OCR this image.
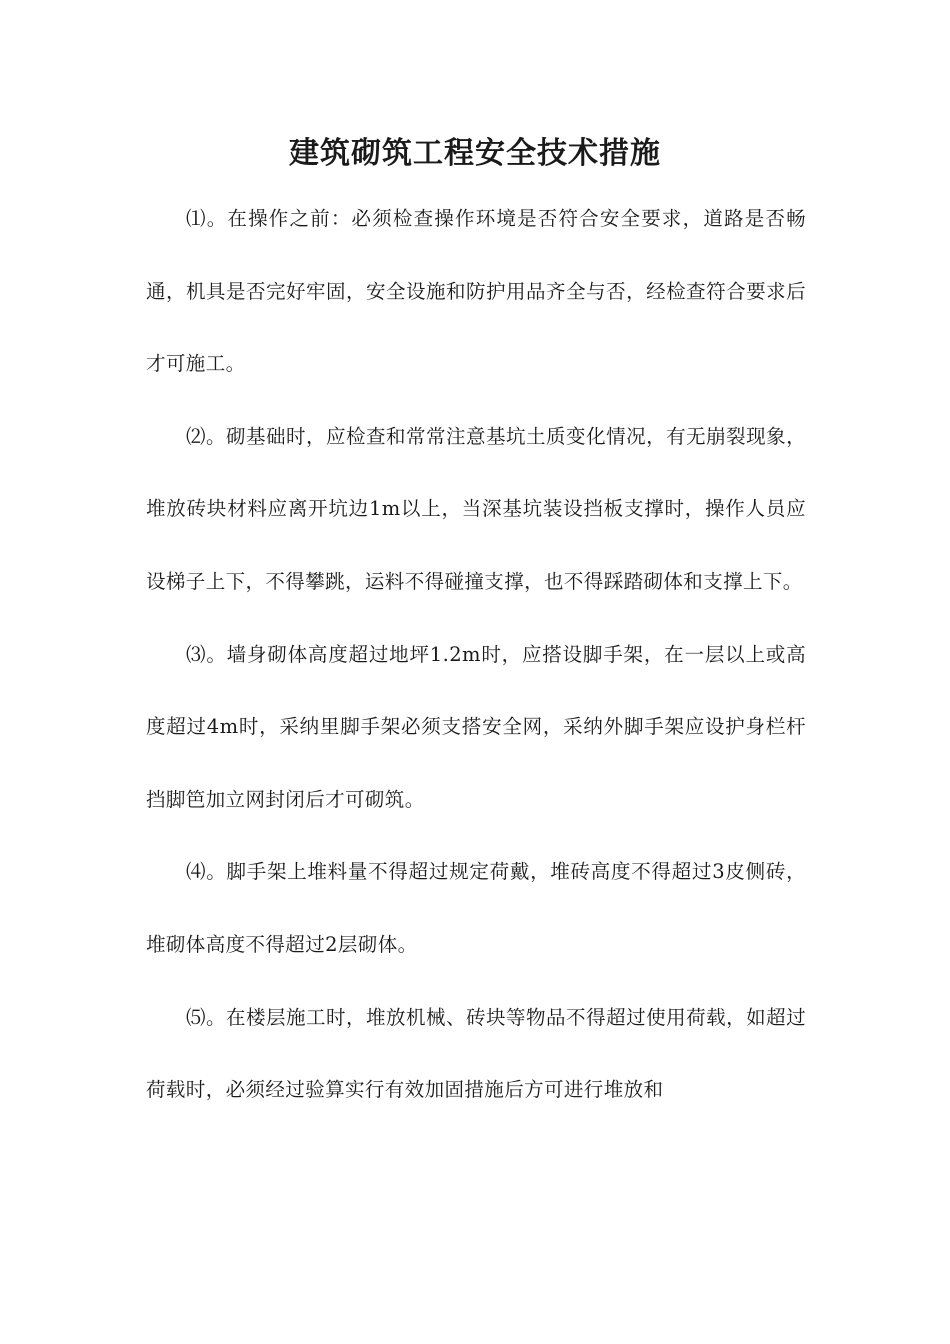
建筑砌筑工程安全技术措施

⑴。在操作之前：必须检查操作环境是否符合安全要求，道路是否畅通，机具是否完好牢固，安全设施和防护用品齐全与否，经检查符合要求后才可施工。

⑵。砌基础时，应检查和常常注意基坑土质变化情况，有无崩裂现象，堆放砖块材料应离开坑边1m以上，当深基坑装设挡板支撑时，操作人员应设梯子上下，不得攀跳，运料不得碰撞支撑，也不得踩踏砌体和支撑上下。

⑶。墙身砌体高度超过地坪1.2m时，应搭设脚手架，在一层以上或高度超过4m时，采纳里脚手架必须支搭安全网，采纳外脚手架应设护身栏杆挡脚笆加立网封闭后才可砌筑。

⑷。脚手架上堆料量不得超过规定荷戴，堆砖高度不得超过3皮侧砖，堆砌体高度不得超过2层砌体。

⑸。在楼层施工时，堆放机械、砖块等物品不得超过使用荷载，如超过荷载时，必须经过验算实行有效加固措施后方可进行堆放和
